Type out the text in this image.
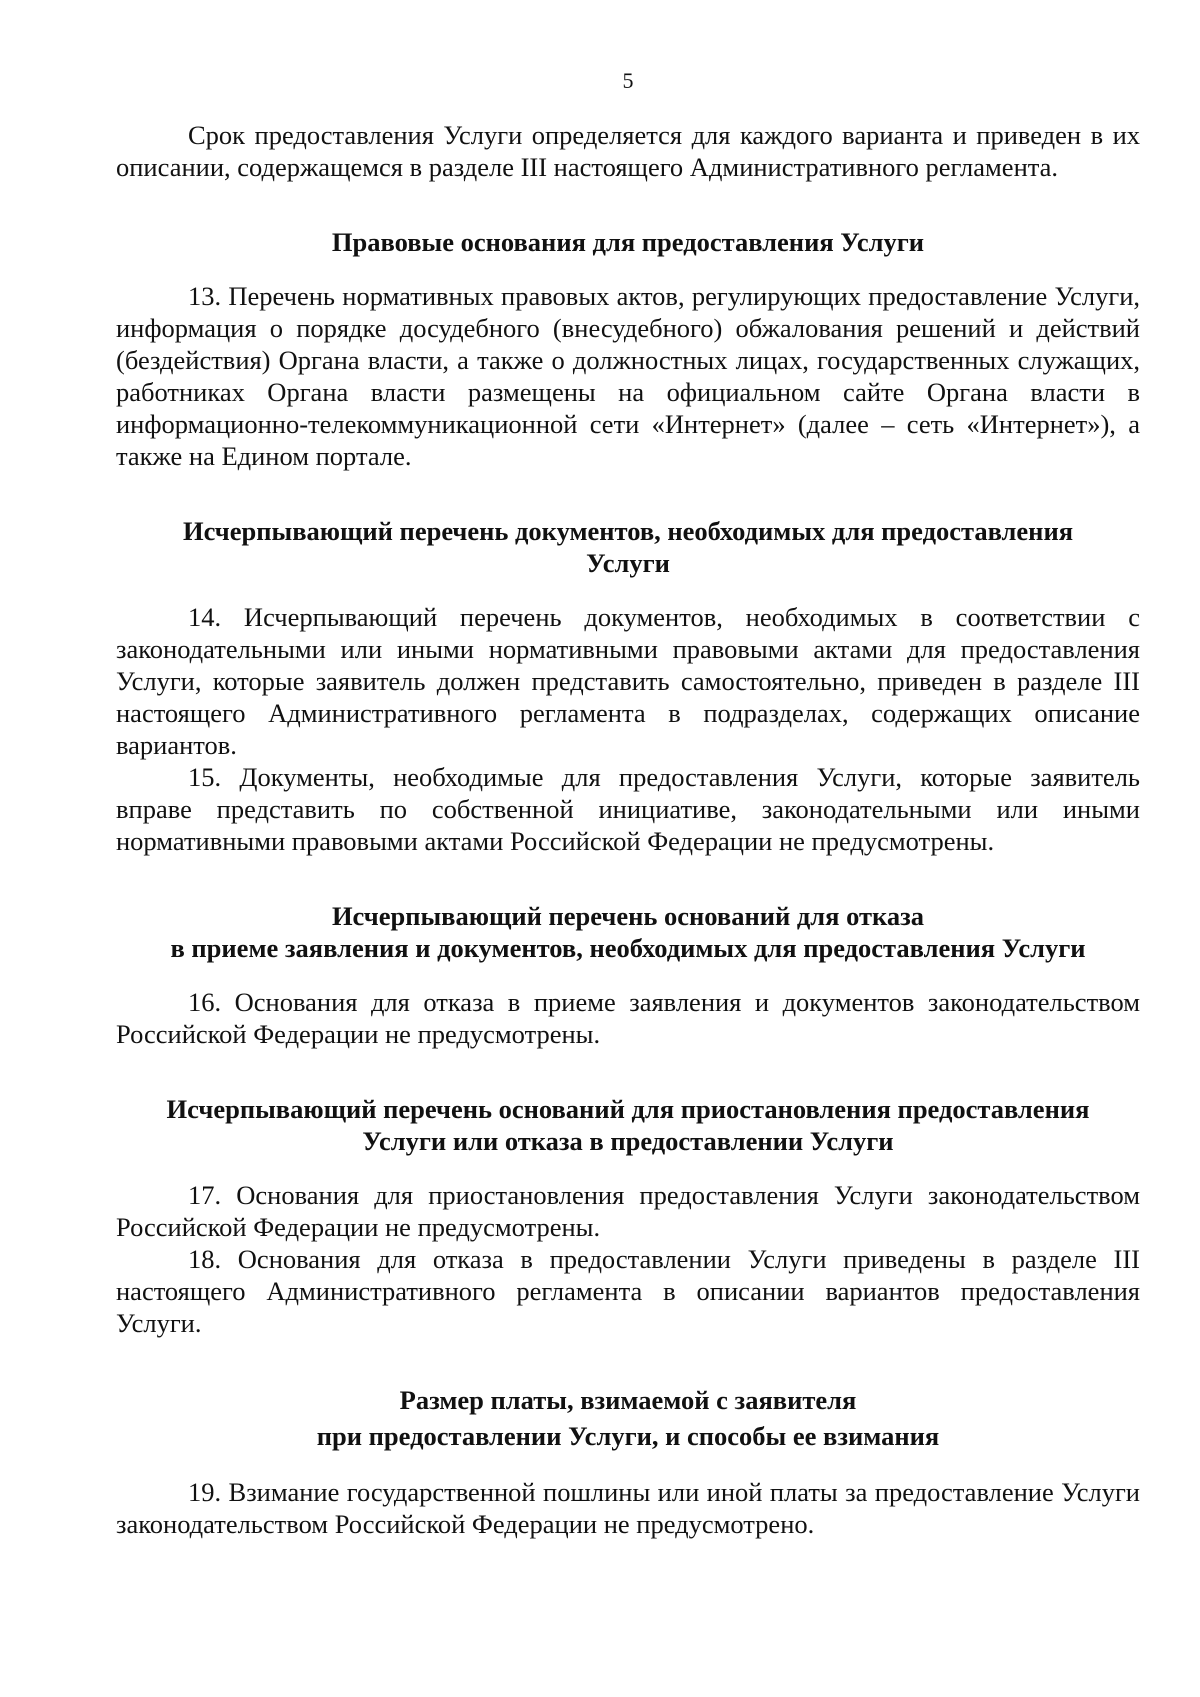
5

Срок предоставления Услуги определяется для каждого варианта и приведен в их описании, содержащемся в разделе III настоящего Административного регламента.

Правовые основания для предоставления Услуги

13. Перечень нормативных правовых актов, регулирующих предоставление Услуги, информация о порядке досудебного (внесудебного) обжалования решений и действий (бездействия) Органа власти, а также о должностных лицах, государственных служащих, работниках Органа власти размещены на официальном сайте Органа власти в информационно-телекоммуникационной сети «Интернет» (далее – сеть «Интернет»), а также на Едином портале.

Исчерпывающий перечень документов, необходимых для предоставления
Услуги

14. Исчерпывающий перечень документов, необходимых в соответствии с законодательными или иными нормативными правовыми актами для предоставления Услуги, которые заявитель должен представить самостоятельно, приведен в разделе III настоящего Административного регламента в подразделах, содержащих описание вариантов.

15. Документы, необходимые для предоставления Услуги, которые заявитель вправе представить по собственной инициативе, законодательными или иными нормативными правовыми актами Российской Федерации не предусмотрены.

Исчерпывающий перечень оснований для отказа
в приеме заявления и документов, необходимых для предоставления Услуги

16. Основания для отказа в приеме заявления и документов законодательством Российской Федерации не предусмотрены.

Исчерпывающий перечень оснований для приостановления предоставления
Услуги или отказа в предоставлении Услуги

17. Основания для приостановления предоставления Услуги законодательством Российской Федерации не предусмотрены.

18. Основания для отказа в предоставлении Услуги приведены в разделе III настоящего Административного регламента в описании вариантов предоставления Услуги.

Размер платы, взимаемой с заявителя
при предоставлении Услуги, и способы ее взимания

19. Взимание государственной пошлины или иной платы за предоставление Услуги законодательством Российской Федерации не предусмотрено.
